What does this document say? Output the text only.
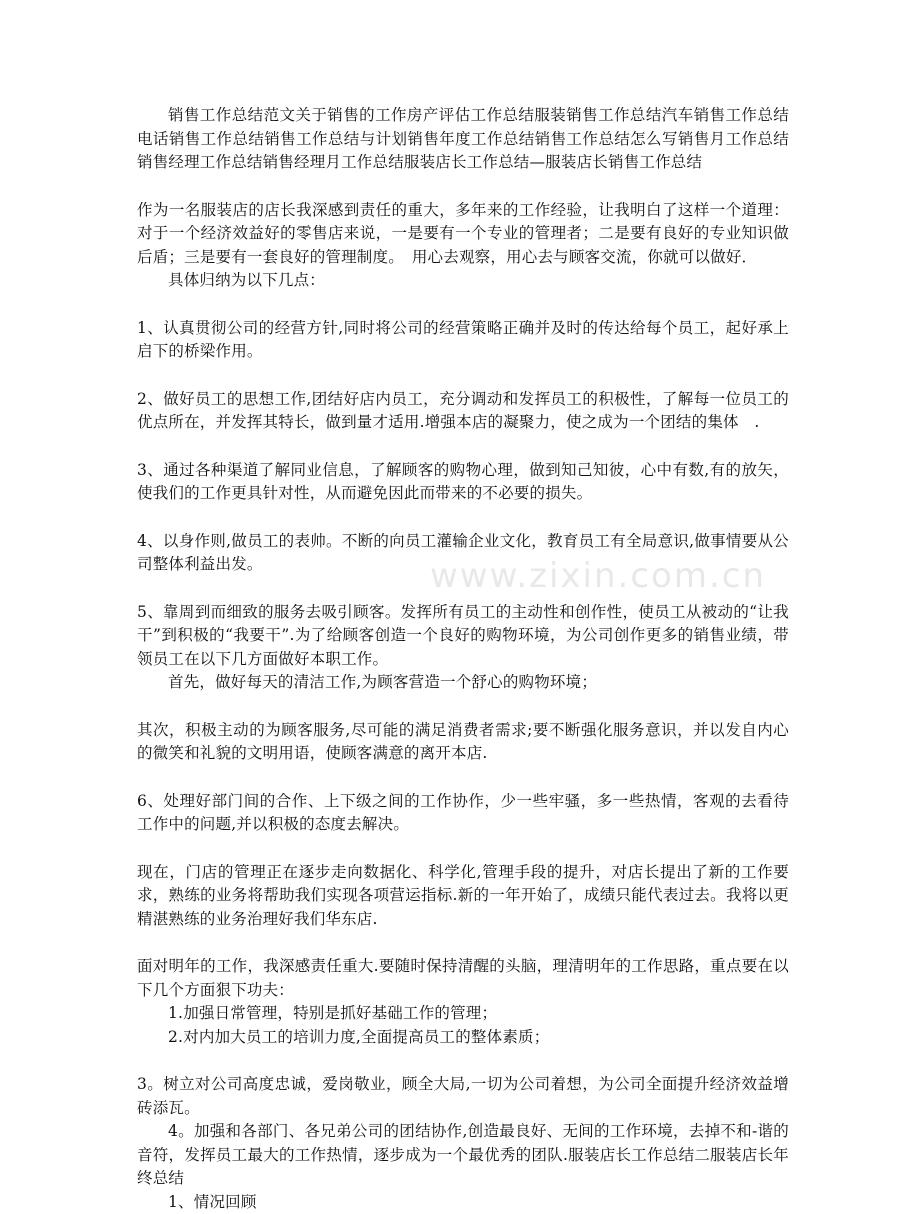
销售工作总结范文关于销售的工作房产评估工作总结服装销售工作总结汽车销售工作总结电话销售工作总结销售工作总结与计划销售年度工作总结销售工作总结怎么写销售月工作总结销售经理工作总结销售经理月工作总结服装店长工作总结—服装店长销售工作总结

作为一名服装店的店长我深感到责任的重大，多年来的工作经验，让我明白了这样一个道理：对于一个经济效益好的零售店来说，一是要有一个专业的管理者；二是要有良好的专业知识做后盾；三是要有一套良好的管理制度。　用心去观察，用心去与顾客交流，你就可以做好．

具体归纳为以下几点：

1、认真贯彻公司的经营方针,同时将公司的经营策略正确并及时的传达给每个员工，起好承上启下的桥梁作用。

2、做好员工的思想工作,团结好店内员工，充分调动和发挥员工的积极性，了解每一位员工的优点所在，并发挥其特长，做到量才适用.增强本店的凝聚力，使之成为一个团结的集体　.

3、通过各种渠道了解同业信息，了解顾客的购物心理，做到知己知彼，心中有数,有的放矢，使我们的工作更具针对性，从而避免因此而带来的不必要的损失。

4、以身作则,做员工的表帅。不断的向员工灌输企业文化，教育员工有全局意识,做事情要从公司整体利益出发。

5、靠周到而细致的服务去吸引顾客。发挥所有员工的主动性和创作性，使员工从被动的“让我干”到积极的“我要干”.为了给顾客创造一个良好的购物环境，为公司创作更多的销售业绩，带领员工在以下几方面做好本职工作。

首先，做好每天的清洁工作,为顾客营造一个舒心的购物环境；

其次，积极主动的为顾客服务,尽可能的满足消费者需求;要不断强化服务意识，并以发自内心的微笑和礼貌的文明用语，使顾客满意的离开本店.

6、处理好部门间的合作、上下级之间的工作协作，少一些牢骚，多一些热情，客观的去看待工作中的问题,并以积极的态度去解决。

现在，门店的管理正在逐步走向数据化、科学化,管理手段的提升，对店长提出了新的工作要求，熟练的业务将帮助我们实现各项营运指标.新的一年开始了，成绩只能代表过去。我将以更精湛熟练的业务治理好我们华东店.

面对明年的工作，我深感责任重大.要随时保持清醒的头脑，理清明年的工作思路，重点要在以下几个方面狠下功夫：

1.加强日常管理，特别是抓好基础工作的管理；

2.对内加大员工的培训力度,全面提高员工的整体素质；

3。树立对公司高度忠诚，爱岗敬业，顾全大局,一切为公司着想，为公司全面提升经济效益增砖添瓦。

4。加强和各部门、各兄弟公司的团结协作,创造最良好、无间的工作环境，去掉不和-谐的音符，发挥员工最大的工作热情，逐步成为一个最优秀的团队.服装店长工作总结二服装店长年终总结

1、情况回顾

www.zixin.com.cn
